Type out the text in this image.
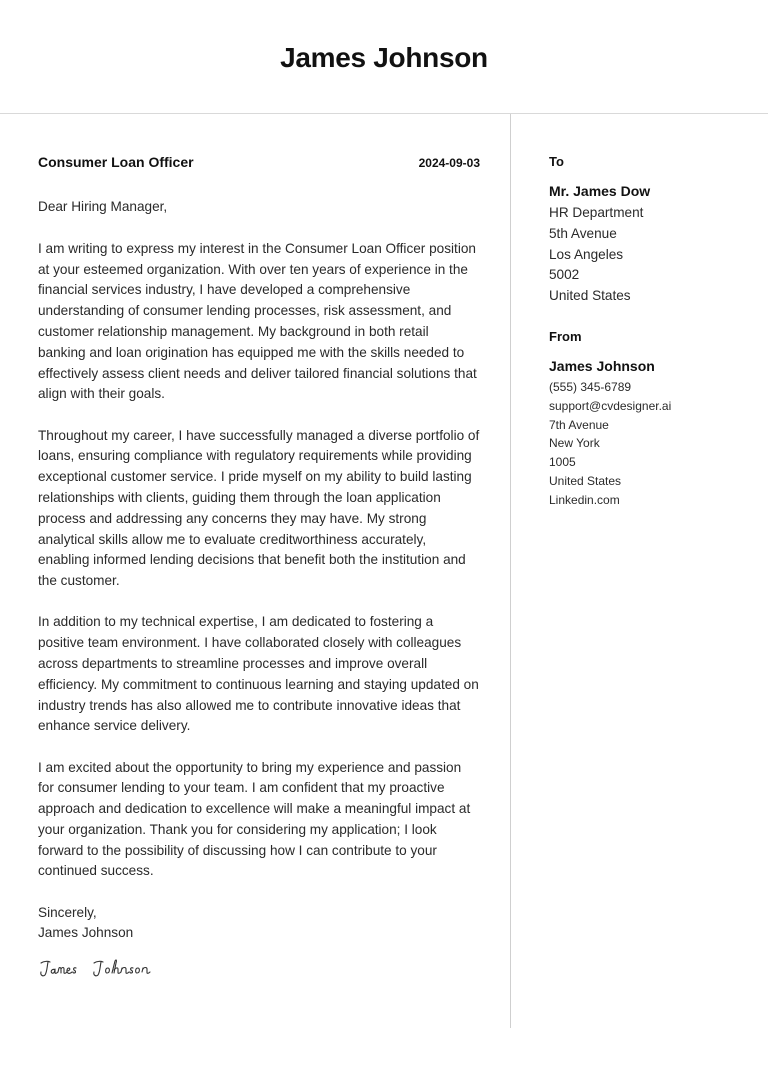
James Johnson
Consumer Loan Officer	2024-09-03

Dear Hiring Manager,

I am writing to express my interest in the Consumer Loan Officer position at your esteemed organization. With over ten years of experience in the financial services industry, I have developed a comprehensive understanding of consumer lending processes, risk assessment, and customer relationship management. My background in both retail banking and loan origination has equipped me with the skills needed to effectively assess client needs and deliver tailored financial solutions that align with their goals.

Throughout my career, I have successfully managed a diverse portfolio of loans, ensuring compliance with regulatory requirements while providing exceptional customer service. I pride myself on my ability to build lasting relationships with clients, guiding them through the loan application process and addressing any concerns they may have. My strong analytical skills allow me to evaluate creditworthiness accurately, enabling informed lending decisions that benefit both the institution and the customer.

In addition to my technical expertise, I am dedicated to fostering a positive team environment. I have collaborated closely with colleagues across departments to streamline processes and improve overall efficiency. My commitment to continuous learning and staying updated on industry trends has also allowed me to contribute innovative ideas that enhance service delivery.

I am excited about the opportunity to bring my experience and passion for consumer lending to your team. I am confident that my proactive approach and dedication to excellence will make a meaningful impact at your organization. Thank you for considering my application; I look forward to the possibility of discussing how I can contribute to your continued success.

Sincerely,

James Johnson

To
Mr. James Dow
HR Department
5th Avenue
Los Angeles
5002
United States
From
James Johnson
(555) 345-6789
support@cvdesigner.ai
7th Avenue
New York
1005
United States
Linkedin.com
